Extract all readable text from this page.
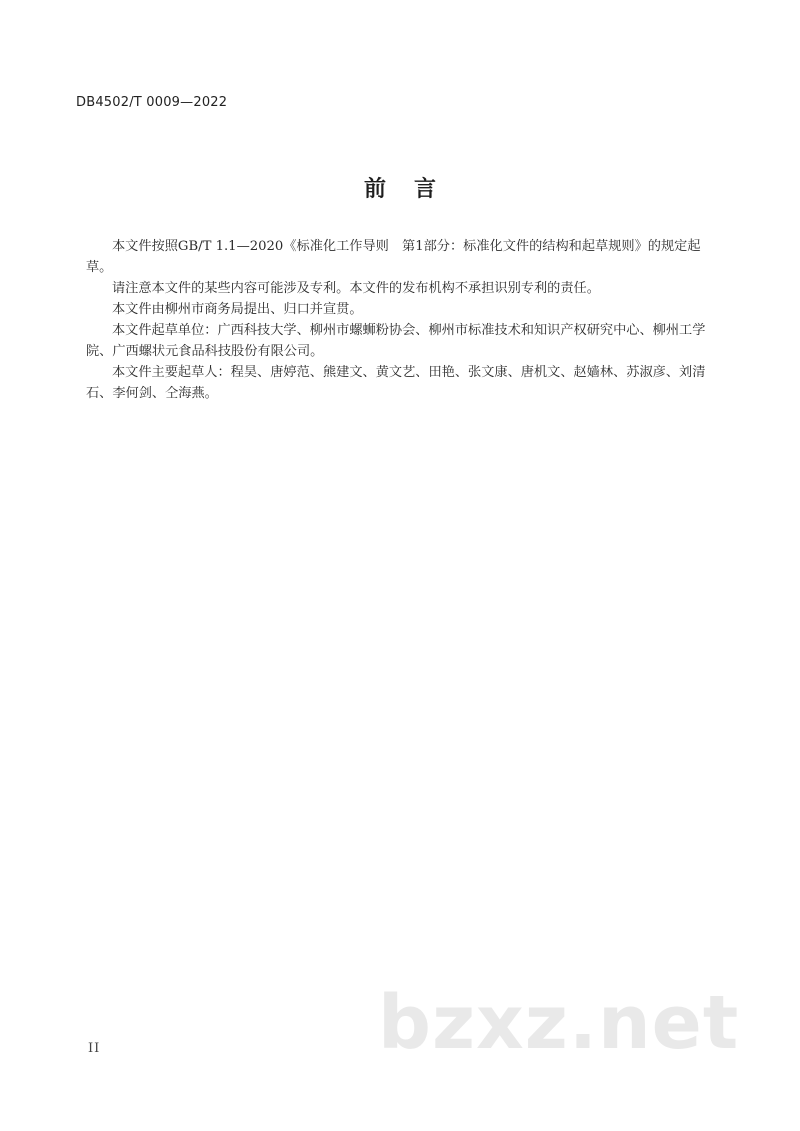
DB4502/T 0009—2022
前言

本文件按照GB/T 1.1—2020《标准化工作导则　第1部分：标准化文件的结构和起草规则》的规定起草。

请注意本文件的某些内容可能涉及专利。本文件的发布机构不承担识别专利的责任。

本文件由柳州市商务局提出、归口并宣贯。

本文件起草单位：广西科技大学、柳州市螺蛳粉协会、柳州市标准技术和知识产权研究中心、柳州工学院、广西螺状元食品科技股份有限公司。

本文件主要起草人：程昊、唐婷范、熊建文、黄文艺、田艳、张文康、唐机文、赵嫱林、苏淑彦、刘清石、李何剑、仝海燕。

II	bzxz.net
